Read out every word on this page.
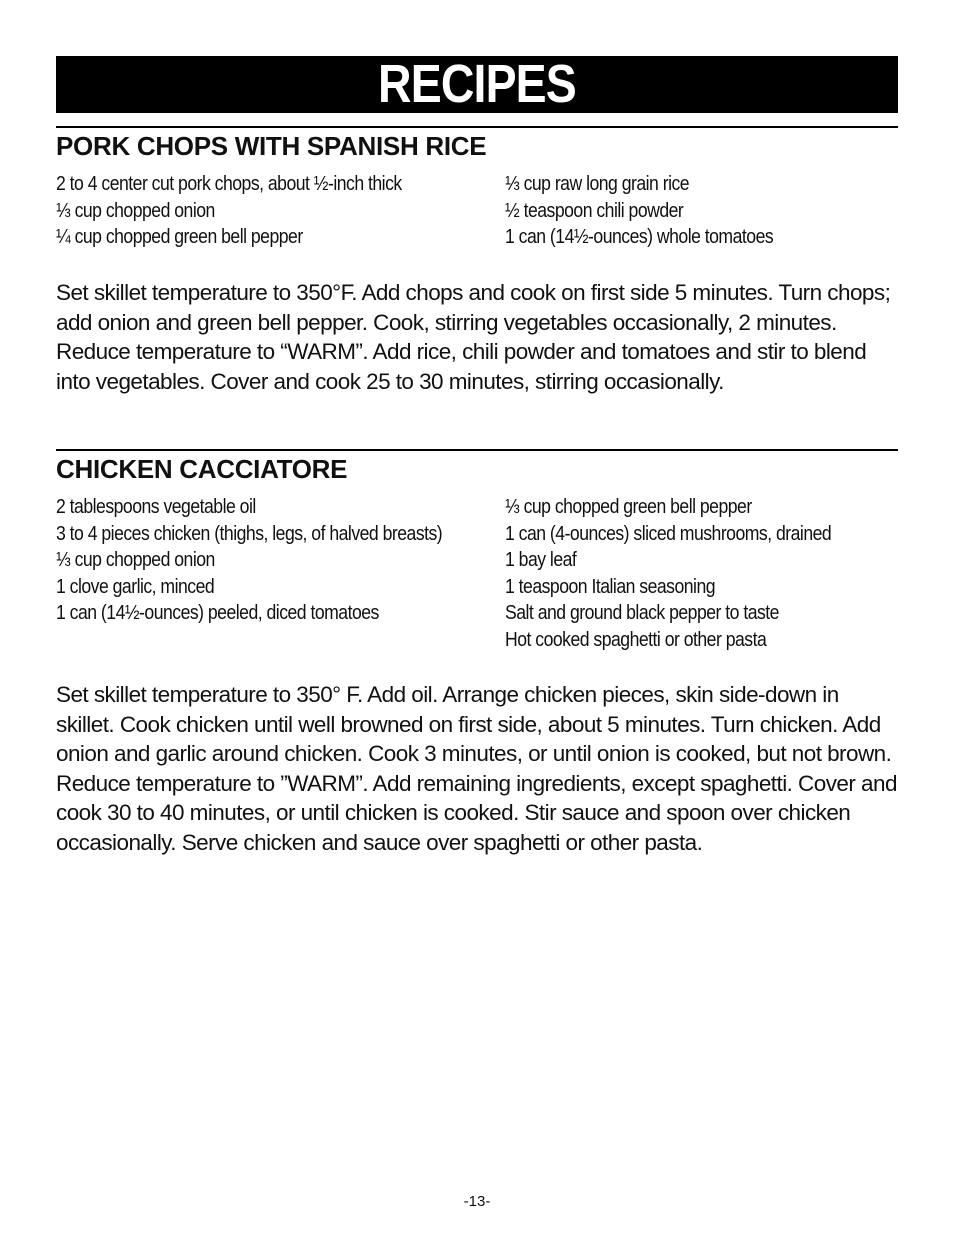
RECIPES
PORK CHOPS WITH SPANISH RICE
2 to 4 center cut pork chops, about ½-inch thick
⅓ cup chopped onion
¼ cup chopped green bell pepper
⅓ cup raw long grain rice
½ teaspoon chili powder
1 can (14½-ounces) whole tomatoes

Set skillet temperature to 350°F. Add chops and cook on first side 5 minutes. Turn chops; add onion and green bell pepper. Cook, stirring vegetables occasionally, 2 minutes. Reduce temperature to “WARM”. Add rice, chili powder and tomatoes and stir to blend into vegetables. Cover and cook 25 to 30 minutes, stirring occasionally.

CHICKEN CACCIATORE
2 tablespoons vegetable oil
3 to 4 pieces chicken (thighs, legs, of halved breasts)
⅓ cup chopped onion
1 clove garlic, minced
1 can (14½-ounces) peeled, diced tomatoes
⅓ cup chopped green bell pepper
1 can (4-ounces) sliced mushrooms, drained
1 bay leaf
1 teaspoon Italian seasoning
Salt and ground black pepper to taste
Hot cooked spaghetti or other pasta

Set skillet temperature to 350° F. Add oil. Arrange chicken pieces, skin side-down in skillet. Cook chicken until well browned on first side, about 5 minutes. Turn chicken. Add onion and garlic around chicken. Cook 3 minutes, or until onion is cooked, but not brown. Reduce temperature to ”WARM”. Add remaining ingredients, except spaghetti. Cover and cook 30 to 40 minutes, or until chicken is cooked. Stir sauce and spoon over chicken occasionally. Serve chicken and sauce over spaghetti or other pasta.

-13-
